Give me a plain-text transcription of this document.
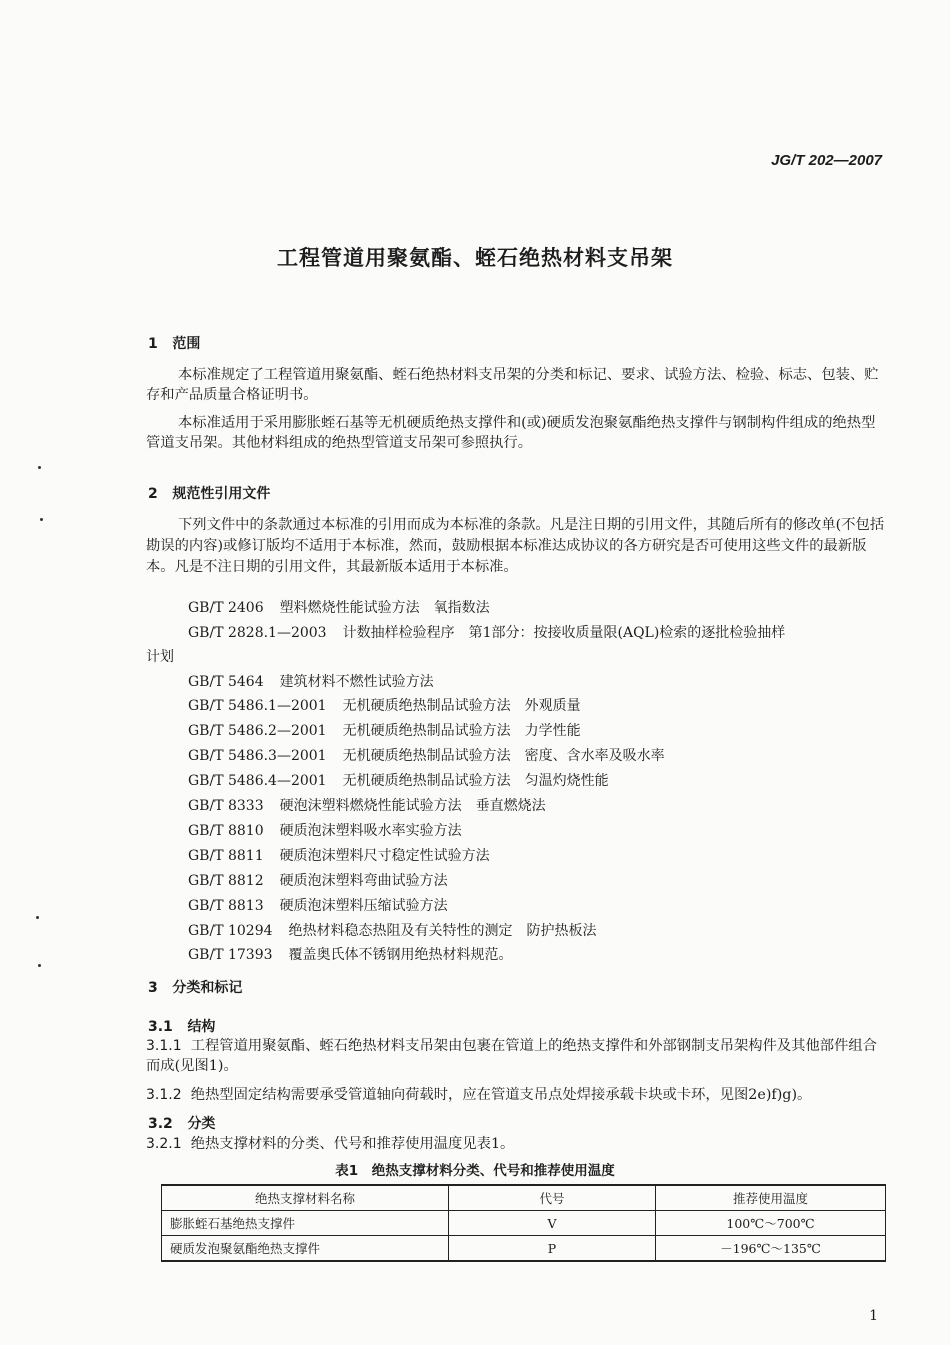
JG/T 202—2007
工程管道用聚氨酯、蛭石绝热材料支吊架
1 范围
本标准规定了工程管道用聚氨酯、蛭石绝热材料支吊架的分类和标记、要求、试验方法、检验、标志、包装、贮存和产品质量合格证明书。
本标准适用于采用膨胀蛭石基等无机硬质绝热支撑件和(或)硬质发泡聚氨酯绝热支撑件与钢制构件组成的绝热型管道支吊架。其他材料组成的绝热型管道支吊架可参照执行。
2 规范性引用文件
下列文件中的条款通过本标准的引用而成为本标准的条款。凡是注日期的引用文件，其随后所有的修改单(不包括勘误的内容)或修订版均不适用于本标准，然而，鼓励根据本标准达成协议的各方研究是否可使用这些文件的最新版本。凡是不注日期的引用文件，其最新版本适用于本标准。
GB/T 2406 塑料燃烧性能试验方法　氧指数法
GB/T 2828.1—2003 计数抽样检验程序　第1部分：按接收质量限(AQL)检索的逐批检验抽样
计划
GB/T 5464 建筑材料不燃性试验方法
GB/T 5486.1—2001 无机硬质绝热制品试验方法　外观质量
GB/T 5486.2—2001 无机硬质绝热制品试验方法　力学性能
GB/T 5486.3—2001 无机硬质绝热制品试验方法　密度、含水率及吸水率
GB/T 5486.4—2001 无机硬质绝热制品试验方法　匀温灼烧性能
GB/T 8333 硬泡沫塑料燃烧性能试验方法　垂直燃烧法
GB/T 8810 硬质泡沫塑料吸水率实验方法
GB/T 8811 硬质泡沫塑料尺寸稳定性试验方法
GB/T 8812 硬质泡沫塑料弯曲试验方法
GB/T 8813 硬质泡沫塑料压缩试验方法
GB/T 10294 绝热材料稳态热阻及有关特性的测定　防护热板法
GB/T 17393 覆盖奥氏体不锈钢用绝热材料规范。
3 分类和标记
3.1 结构
3.1.1 工程管道用聚氨酯、蛭石绝热材料支吊架由包裹在管道上的绝热支撑件和外部钢制支吊架构件及其他部件组合而成(见图1)。
3.1.2 绝热型固定结构需要承受管道轴向荷载时，应在管道支吊点处焊接承载卡块或卡环，见图2e)f)g)。
3.2 分类
3.2.1 绝热支撑材料的分类、代号和推荐使用温度见表1。
表1　绝热支撑材料分类、代号和推荐使用温度
绝热支撑材料名称	代号	推荐使用温度
膨胀蛭石基绝热支撑件	V	100℃～700℃
硬质发泡聚氨酯绝热支撑件	P	－196℃～135℃
1
